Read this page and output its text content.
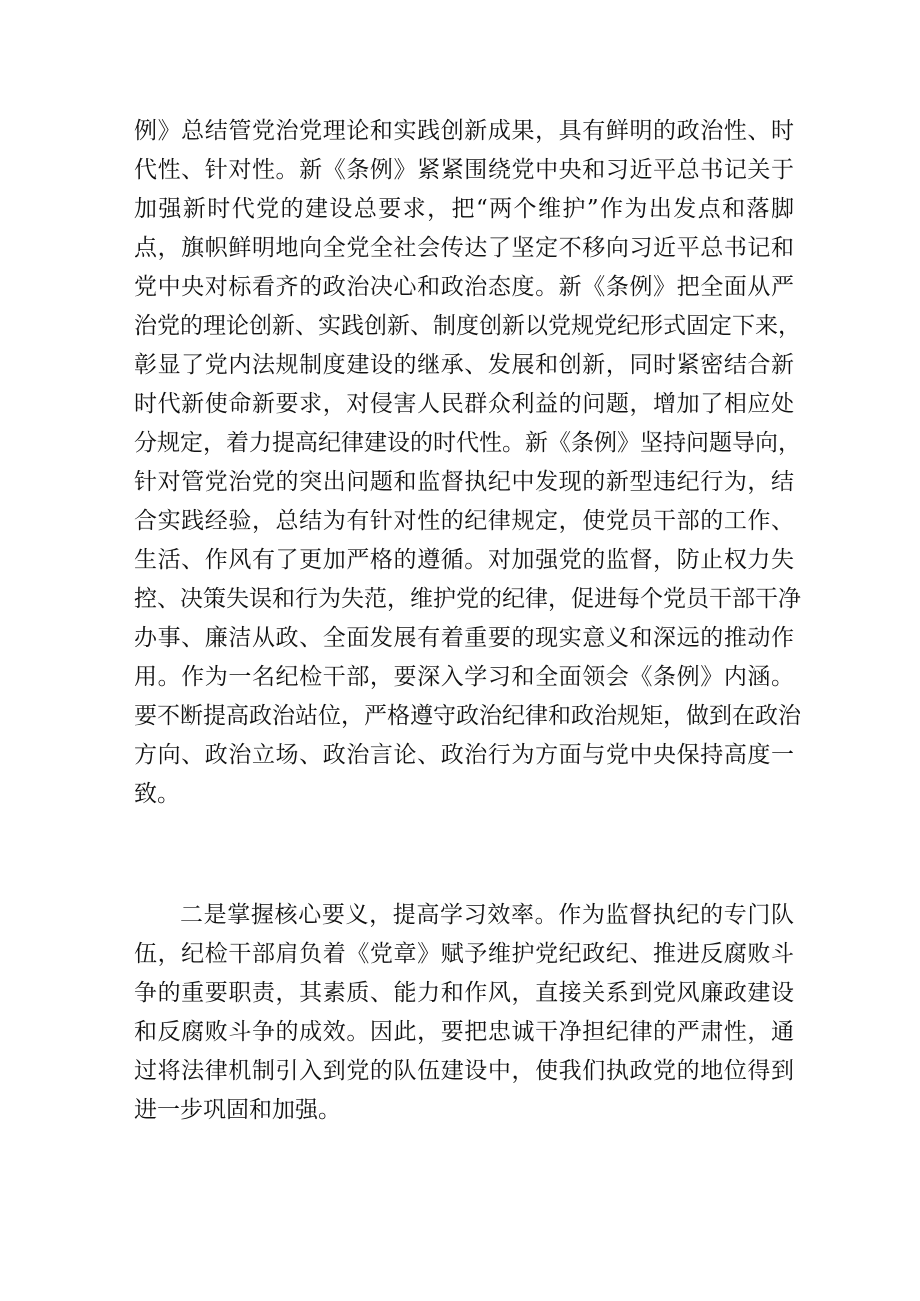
例》总结管党治党理论和实践创新成果，具有鲜明的政治性、时
代性、针对性。新《条例》紧紧围绕党中央和习近平总书记关于
加强新时代党的建设总要求，把“两个维护”作为出发点和落脚
点，旗帜鲜明地向全党全社会传达了坚定不移向习近平总书记和
党中央对标看齐的政治决心和政治态度。新《条例》把全面从严
治党的理论创新、实践创新、制度创新以党规党纪形式固定下来，
彰显了党内法规制度建设的继承、发展和创新，同时紧密结合新
时代新使命新要求，对侵害人民群众利益的问题，增加了相应处
分规定，着力提高纪律建设的时代性。新《条例》坚持问题导向，
针对管党治党的突出问题和监督执纪中发现的新型违纪行为，结
合实践经验，总结为有针对性的纪律规定，使党员干部的工作、
生活、作风有了更加严格的遵循。对加强党的监督，防止权力失
控、决策失误和行为失范，维护党的纪律，促进每个党员干部干净
办事、廉洁从政、全面发展有着重要的现实意义和深远的推动作
用。作为一名纪检干部，要深入学习和全面领会《条例》内涵。
要不断提高政治站位，严格遵守政治纪律和政治规矩，做到在政治
方向、政治立场、政治言论、政治行为方面与党中央保持高度一
致。
二是掌握核心要义，提高学习效率。作为监督执纪的专门队
伍，纪检干部肩负着《党章》赋予维护党纪政纪、推进反腐败斗
争的重要职责，其素质、能力和作风，直接关系到党风廉政建设
和反腐败斗争的成效。因此，要把忠诚干净担纪律的严肃性，通
过将法律机制引入到党的队伍建设中，使我们执政党的地位得到
进一步巩固和加强。
